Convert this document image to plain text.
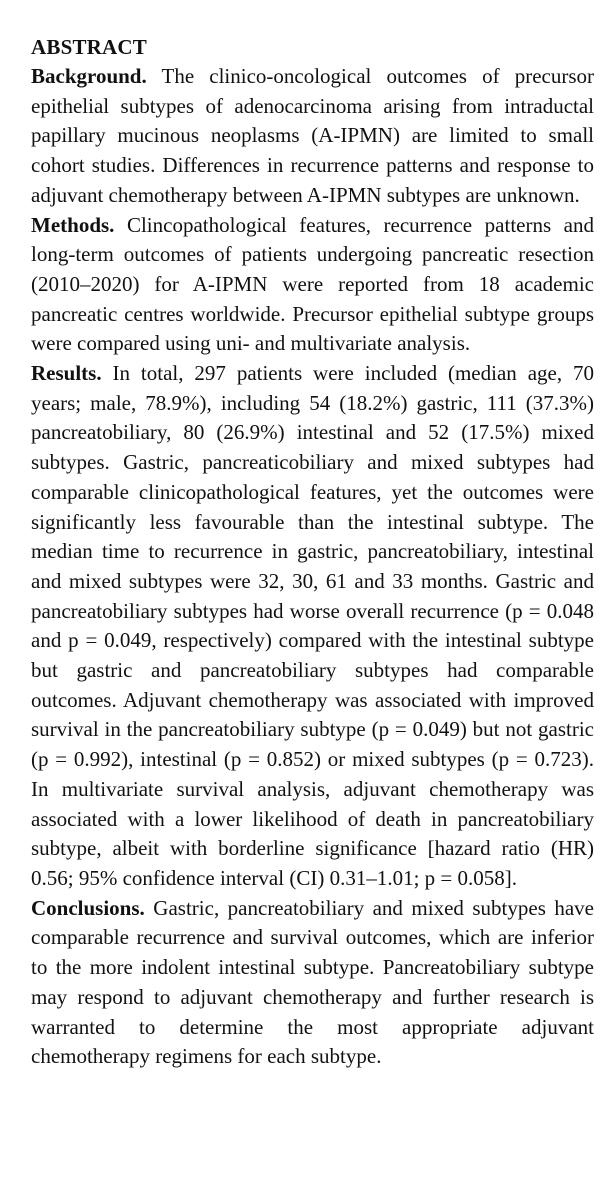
ABSTRACT

Background. The clinico-oncological outcomes of precursor epithelial subtypes of adenocarcinoma arising from intraductal papillary mucinous neoplasms (A-IPMN) are limited to small cohort studies. Differences in recurrence patterns and response to adjuvant chemotherapy between A-IPMN subtypes are unknown.

Methods. Clincopathological features, recurrence patterns and long-term outcomes of patients undergoing pancreatic resection (2010–2020) for A-IPMN were reported from 18 academic pancreatic centres worldwide. Precursor epithelial subtype groups were compared using uni- and multivariate analysis.

Results. In total, 297 patients were included (median age, 70 years; male, 78.9%), including 54 (18.2%) gastric, 111 (37.3%) pancreatobiliary, 80 (26.9%) intestinal and 52 (17.5%) mixed subtypes. Gastric, pancreaticobiliary and mixed subtypes had comparable clinicopathological features, yet the outcomes were significantly less favourable than the intestinal subtype. The median time to recurrence in gastric, pancreatobiliary, intestinal and mixed subtypes were 32, 30, 61 and 33 months. Gastric and pancreatobiliary subtypes had worse overall recurrence (p = 0.048 and p = 0.049, respectively) compared with the intestinal subtype but gastric and pancreatobiliary subtypes had comparable outcomes. Adjuvant chemotherapy was associated with improved survival in the pancreatobiliary subtype (p = 0.049) but not gastric (p = 0.992), intestinal (p = 0.852) or mixed subtypes (p = 0.723). In multivariate survival analysis, adjuvant chemotherapy was associated with a lower likelihood of death in pancreatobiliary subtype, albeit with borderline significance [hazard ratio (HR) 0.56; 95% confidence interval (CI) 0.31–1.01; p = 0.058].

Conclusions. Gastric, pancreatobiliary and mixed subtypes have comparable recurrence and survival outcomes, which are inferior to the more indolent intestinal subtype. Pancreatobiliary subtype may respond to adjuvant chemotherapy and further research is warranted to determine the most appropriate adjuvant chemotherapy regimens for each subtype.
